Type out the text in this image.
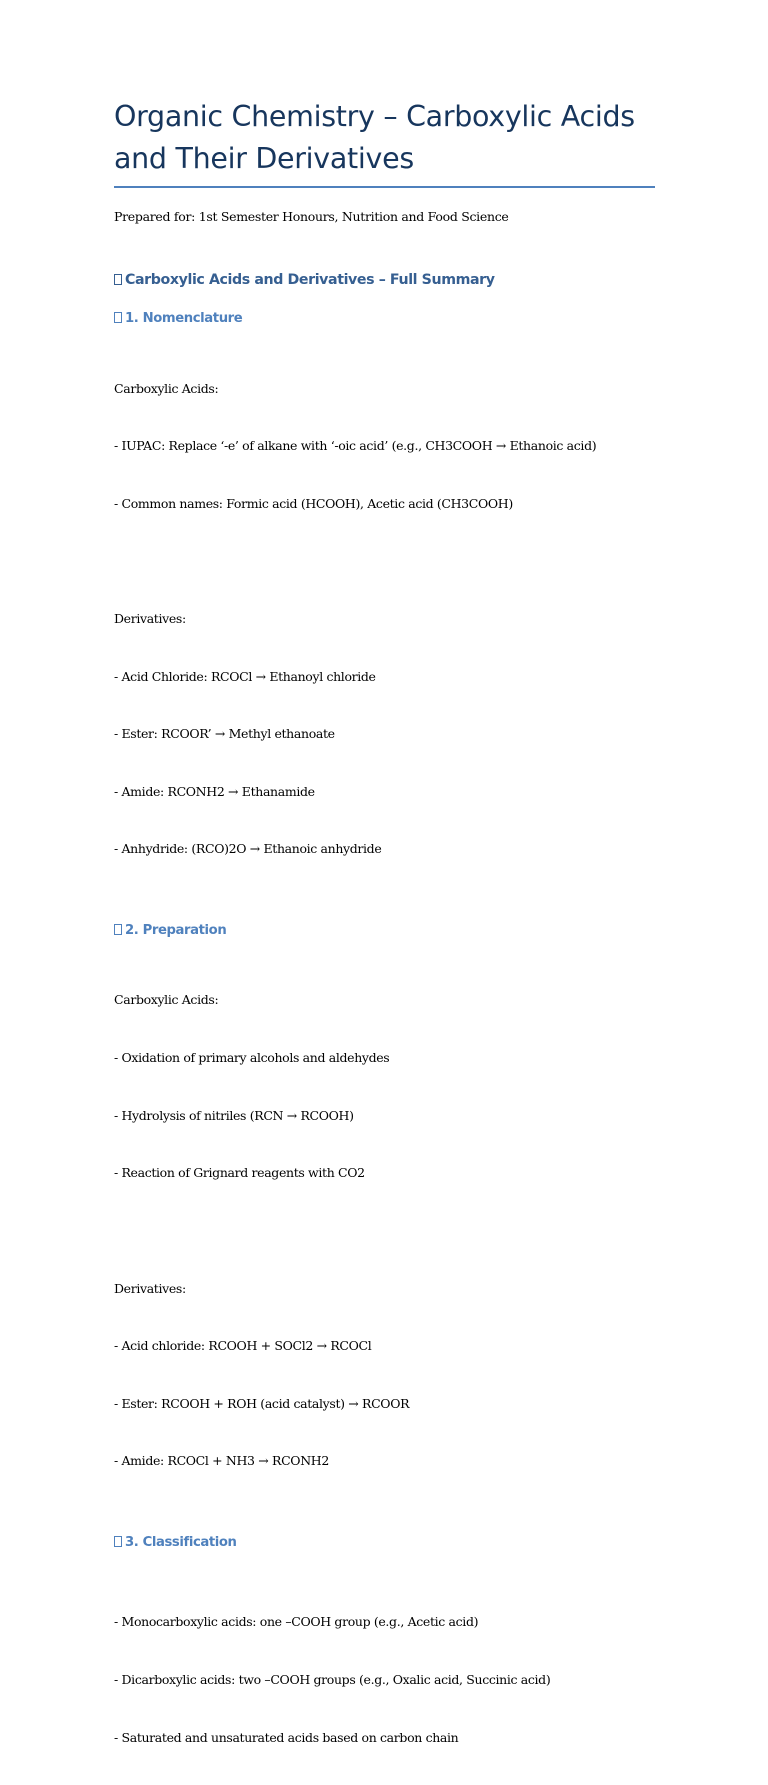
Organic Chemistry – Carboxylic Acids
and Their Derivatives
Prepared for: 1st Semester Honours, Nutrition and Food Science
Carboxylic Acids and Derivatives – Full Summary
1. Nomenclature

Carboxylic Acids:

- IUPAC: Replace ‘-e’ of alkane with ‘-oic acid’ (e.g., CH3COOH → Ethanoic acid)

- Common names: Formic acid (HCOOH), Acetic acid (CH3COOH)

Derivatives:

- Acid Chloride: RCOCl → Ethanoyl chloride

- Ester: RCOOR’ → Methyl ethanoate

- Amide: RCONH2 → Ethanamide

- Anhydride: (RCO)2O → Ethanoic anhydride

2. Preparation

Carboxylic Acids:

- Oxidation of primary alcohols and aldehydes

- Hydrolysis of nitriles (RCN → RCOOH)

- Reaction of Grignard reagents with CO2

Derivatives:

- Acid chloride: RCOOH + SOCl2 → RCOCl

- Ester: RCOOH + ROH (acid catalyst) → RCOOR

- Amide: RCOCl + NH3 → RCONH2

3. Classification

- Monocarboxylic acids: one –COOH group (e.g., Acetic acid)

- Dicarboxylic acids: two –COOH groups (e.g., Oxalic acid, Succinic acid)

- Saturated and unsaturated acids based on carbon chain
